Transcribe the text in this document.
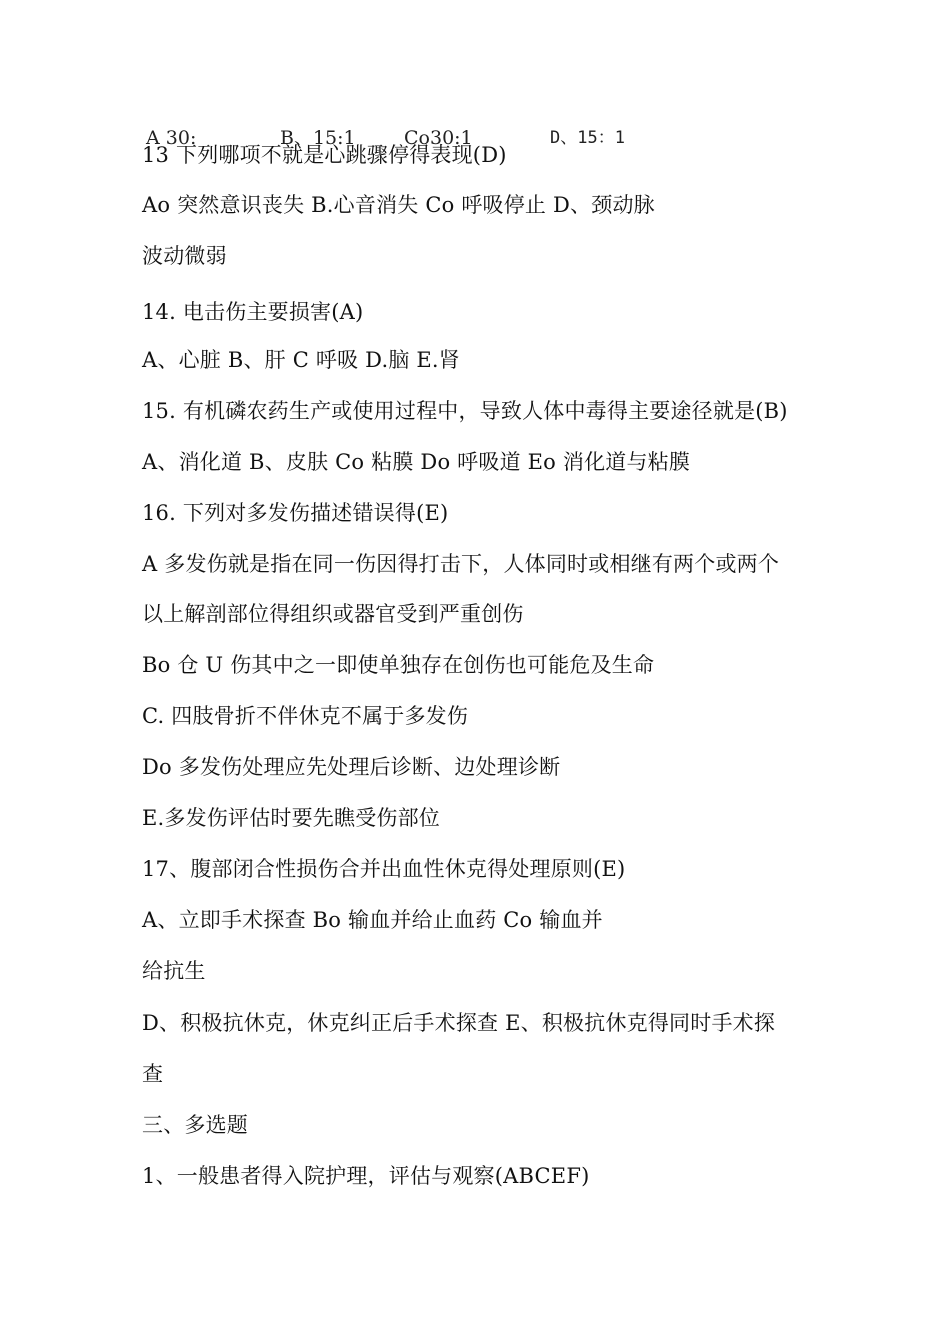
A 30:	B、15:1	Co30:1	D、15：1
13 下列哪项不就是心跳骤停得表现(D)
Ao 突然意识丧失 B.心音消失 Co 呼吸停止 D、颈动脉
波动微弱
14. 电击伤主要损害(A)
A、心脏 B、肝 C 呼吸 D.脑 E.肾
15. 有机磷农药生产或使用过程中，导致人体中毒得主要途径就是(B)
A、消化道 B、皮肤 Co 粘膜 Do 呼吸道 Eo 消化道与粘膜
16. 下列对多发伤描述错误得(E)
A 多发伤就是指在同一伤因得打击下，人体同时或相继有两个或两个
以上解剖部位得组织或器官受到严重创伤
Bo 仓 U 伤其中之一即使单独存在创伤也可能危及生命
C. 四肢骨折不伴休克不属于多发伤
Do 多发伤处理应先处理后诊断、边处理诊断
E.多发伤评估时要先瞧受伤部位
17、腹部闭合性损伤合并出血性休克得处理原则(E)
A、立即手术探查 Bo 输血并给止血药 Co 输血并
给抗生
D、积极抗休克，休克纠正后手术探查 E、积极抗休克得同时手术探
查
三、多选题
1、一般患者得入院护理，评估与观察(ABCEF)
